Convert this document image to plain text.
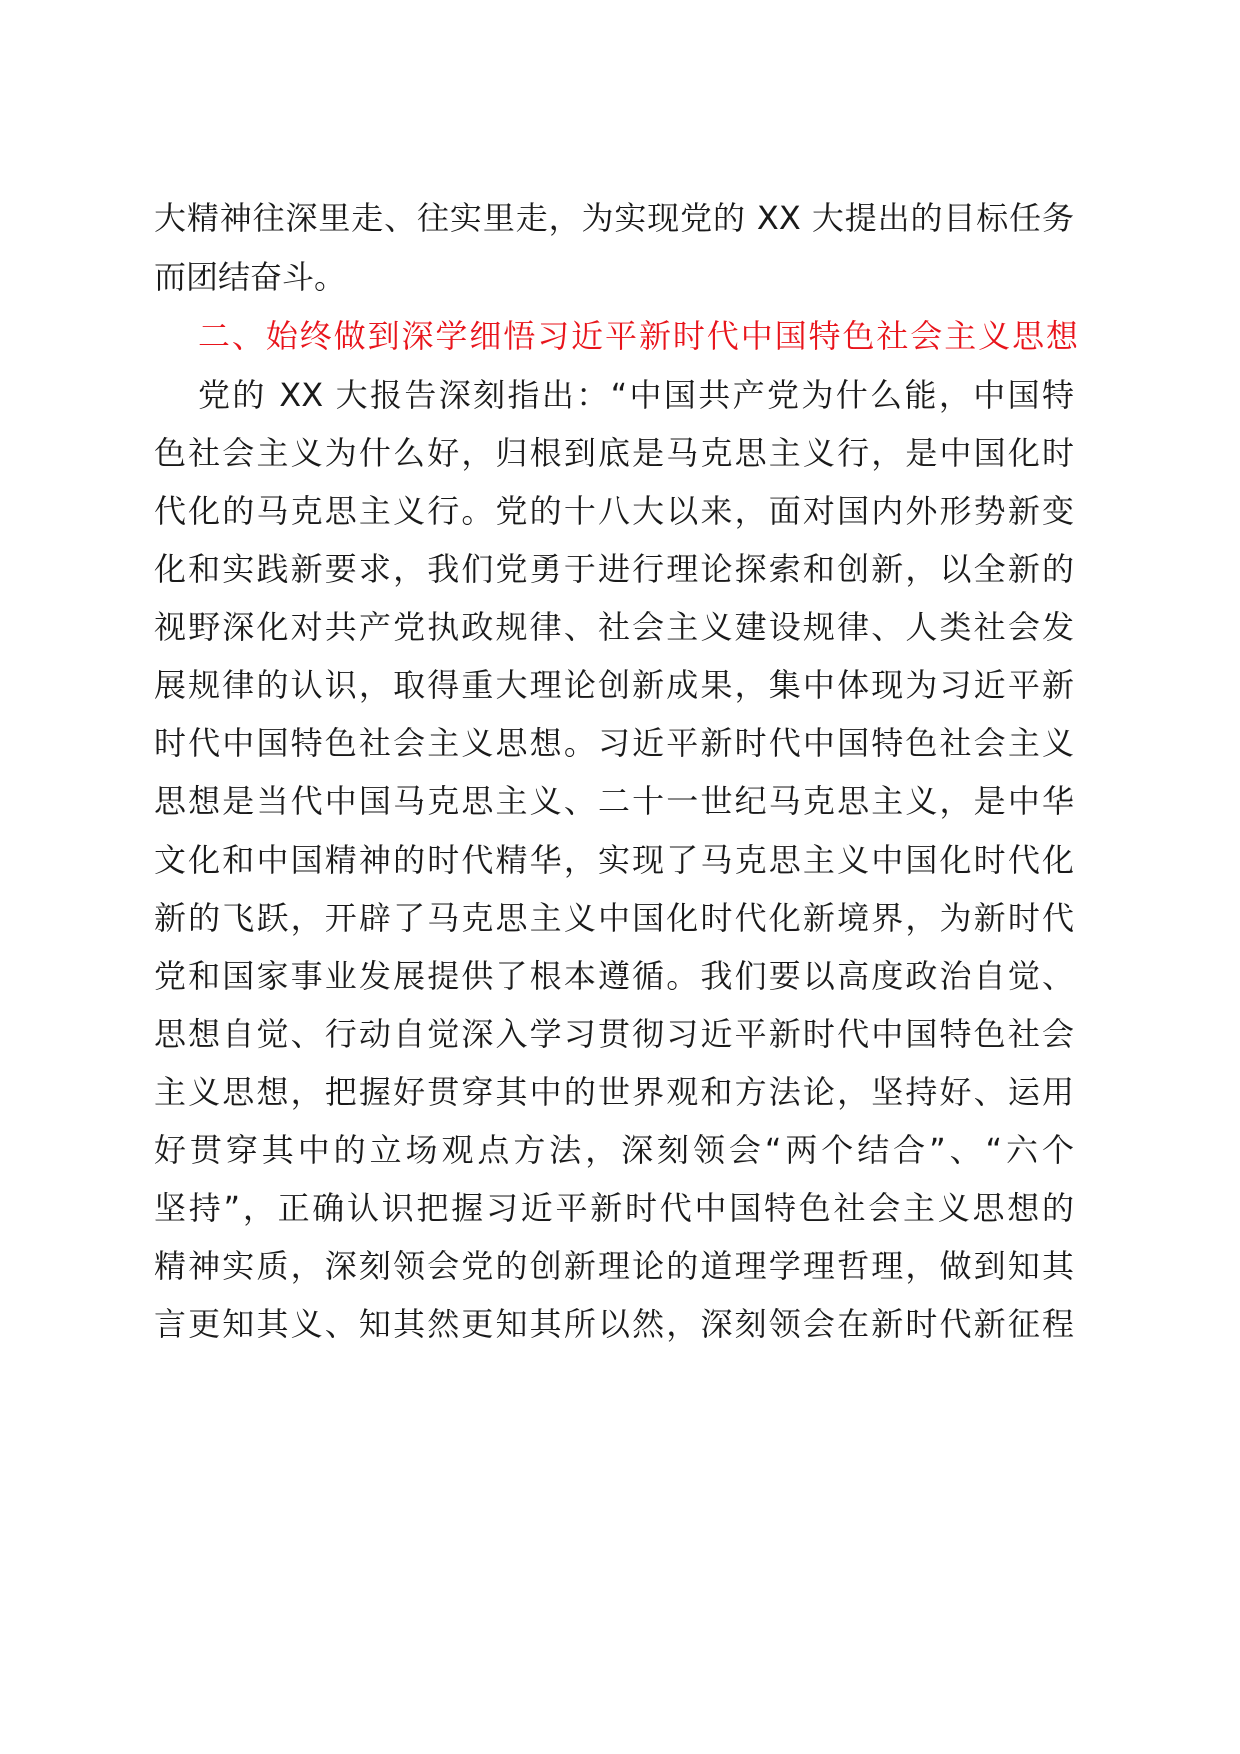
大精神往深里走、往实里走，为实现党的 XX 大提出的目标任务
而团结奋斗。
二、始终做到深学细悟习近平新时代中国特色社会主义思想
党的 XX 大报告深刻指出：“中国共产党为什么能，中国特
色社会主义为什么好，归根到底是马克思主义行，是中国化时
代化的马克思主义行。党的十八大以来，面对国内外形势新变
化和实践新要求，我们党勇于进行理论探索和创新，以全新的
视野深化对共产党执政规律、社会主义建设规律、人类社会发
展规律的认识，取得重大理论创新成果，集中体现为习近平新
时代中国特色社会主义思想。习近平新时代中国特色社会主义
思想是当代中国马克思主义、二十一世纪马克思主义，是中华
文化和中国精神的时代精华，实现了马克思主义中国化时代化
新的飞跃，开辟了马克思主义中国化时代化新境界，为新时代
党和国家事业发展提供了根本遵循。我们要以高度政治自觉、
思想自觉、行动自觉深入学习贯彻习近平新时代中国特色社会
主义思想，把握好贯穿其中的世界观和方法论，坚持好、运用
好贯穿其中的立场观点方法，深刻领会“两个结合”、“六个
坚持”，正确认识把握习近平新时代中国特色社会主义思想的
精神实质，深刻领会党的创新理论的道理学理哲理，做到知其
言更知其义、知其然更知其所以然，深刻领会在新时代新征程
